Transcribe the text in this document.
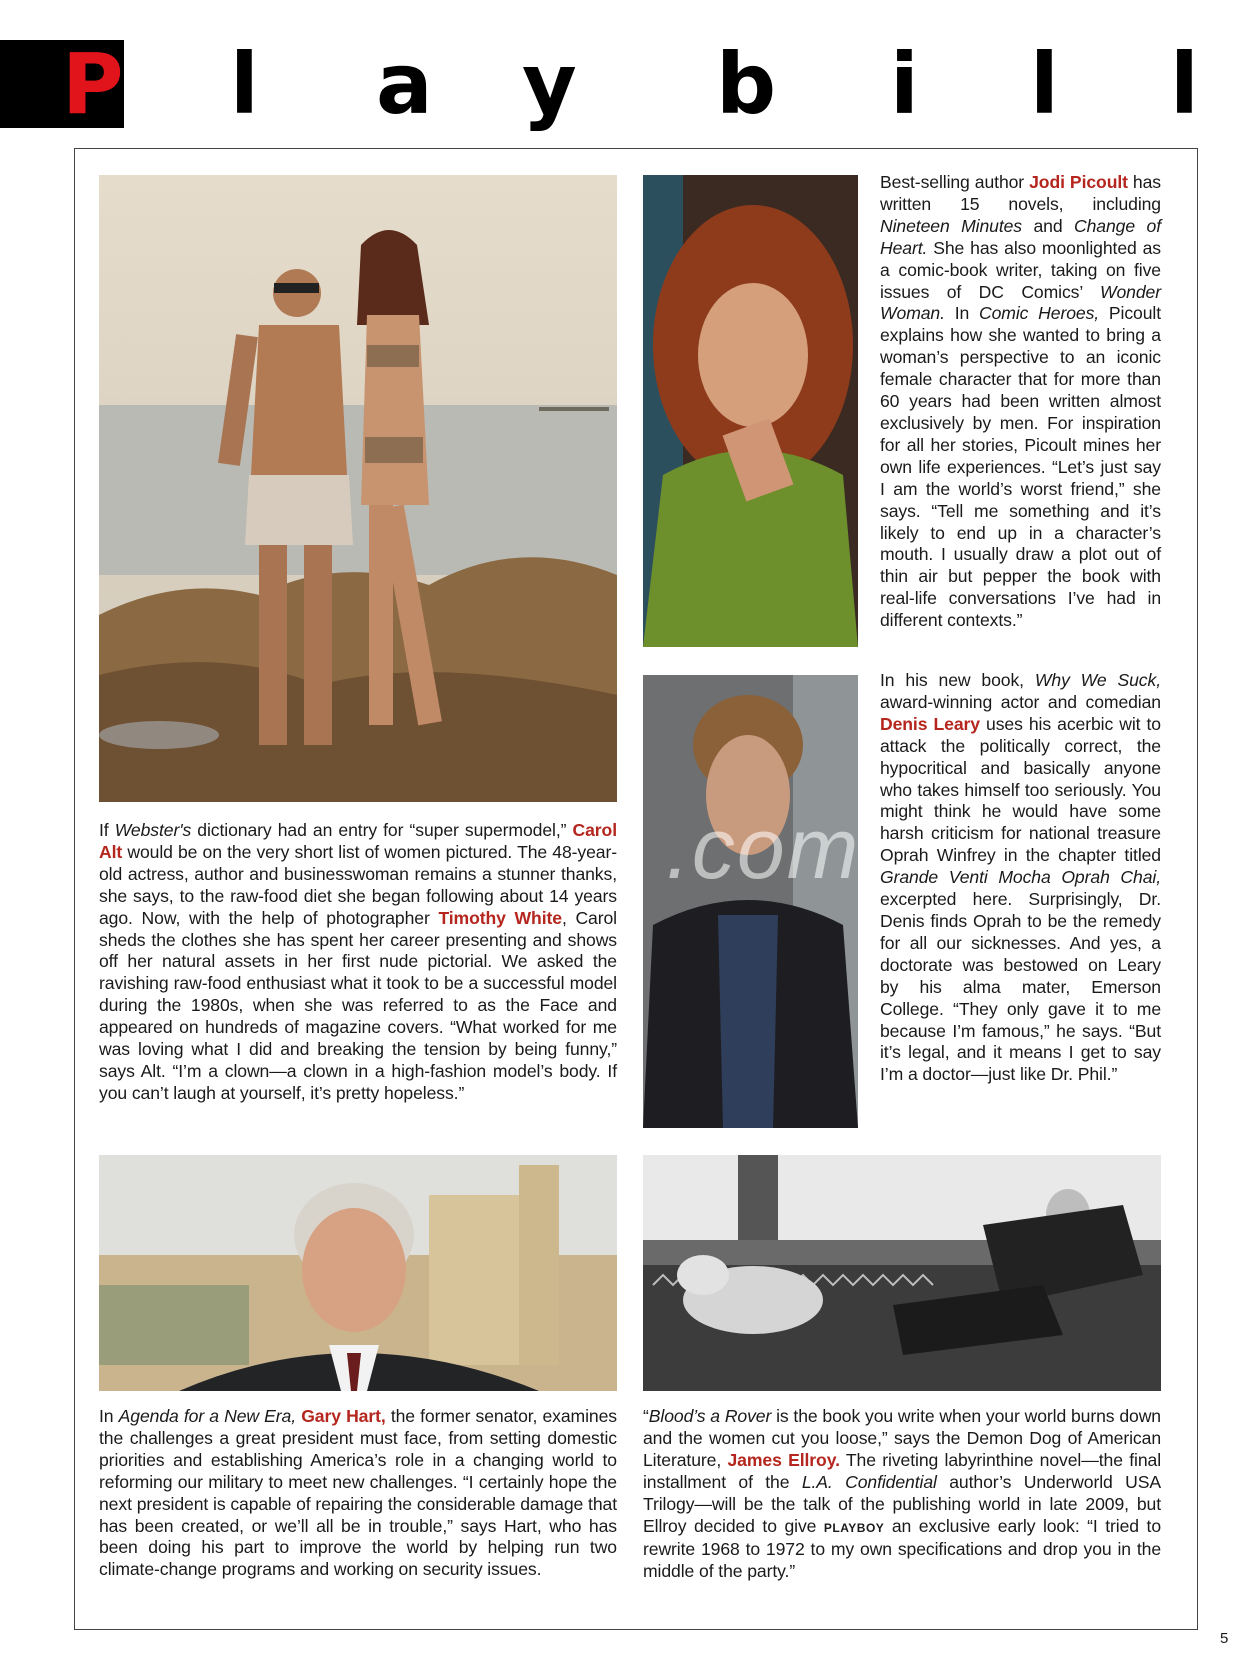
P l a y b i l l
.com

If Webster's dictionary had an entry for “super supermodel,” Carol Alt would be on the very short list of women pictured. The 48-year-old actress, author and businesswoman remains a stunner thanks, she says, to the raw-food diet she began following about 14 years ago. Now, with the help of photographer Timothy White, Carol sheds the clothes she has spent her career presenting and shows off her natural assets in her first nude pictorial. We asked the ravishing raw-food enthusiast what it took to be a successful model during the 1980s, when she was referred to as the Face and appeared on hundreds of magazine covers. “What worked for me was loving what I did and breaking the tension by being funny,” says Alt. “I’m a clown—a clown in a high-fashion model’s body. If you can’t laugh at yourself, it’s pretty hopeless.”

Best-selling author Jodi Picoult has written 15 novels, including Nineteen Minutes and Change of Heart. She has also moonlighted as a comic-book writer, taking on five issues of DC Comics’ Wonder Woman. In Comic Heroes, Picoult explains how she wanted to bring a woman’s perspective to an iconic female character that for more than 60 years had been written almost exclusively by men. For inspiration for all her stories, Picoult mines her own life experiences. “Let’s just say I am the world’s worst friend,” she says. “Tell me something and it’s likely to end up in a character’s mouth. I usually draw a plot out of thin air but pepper the book with real-life conversations I’ve had in different contexts.”

In his new book, Why We Suck, award-winning actor and comedian Denis Leary uses his acerbic wit to attack the politically correct, the hypocritical and basically anyone who takes himself too seriously. You might think he would have some harsh criticism for national treasure Oprah Winfrey in the chapter titled Grande Venti Mocha Oprah Chai, excerpted here. Surprisingly, Dr. Denis finds Oprah to be the remedy for all our sicknesses. And yes, a doctorate was bestowed on Leary by his alma mater, Emerson College. “They only gave it to me because I’m famous,” he says. “But it’s legal, and it means I get to say I’m a doctor—just like Dr. Phil.”

In Agenda for a New Era, Gary Hart, the former senator, examines the challenges a great president must face, from setting domestic priorities and establishing America’s role in a changing world to reforming our military to meet new challenges. “I certainly hope the next president is capable of repairing the considerable damage that has been created, or we’ll all be in trouble,” says Hart, who has been doing his part to improve the world by helping run two climate-change programs and working on security issues.

“Blood’s a Rover is the book you write when your world burns down and the women cut you loose,” says the Demon Dog of American Literature, James Ellroy. The riveting labyrinthine novel—the final installment of the L.A. Confidential author’s Underworld USA Trilogy—will be the talk of the publishing world in late 2009, but Ellroy decided to give PLAYBOY an exclusive early look: “I tried to rewrite 1968 to 1972 to my own specifications and drop you in the middle of the party.”

5
